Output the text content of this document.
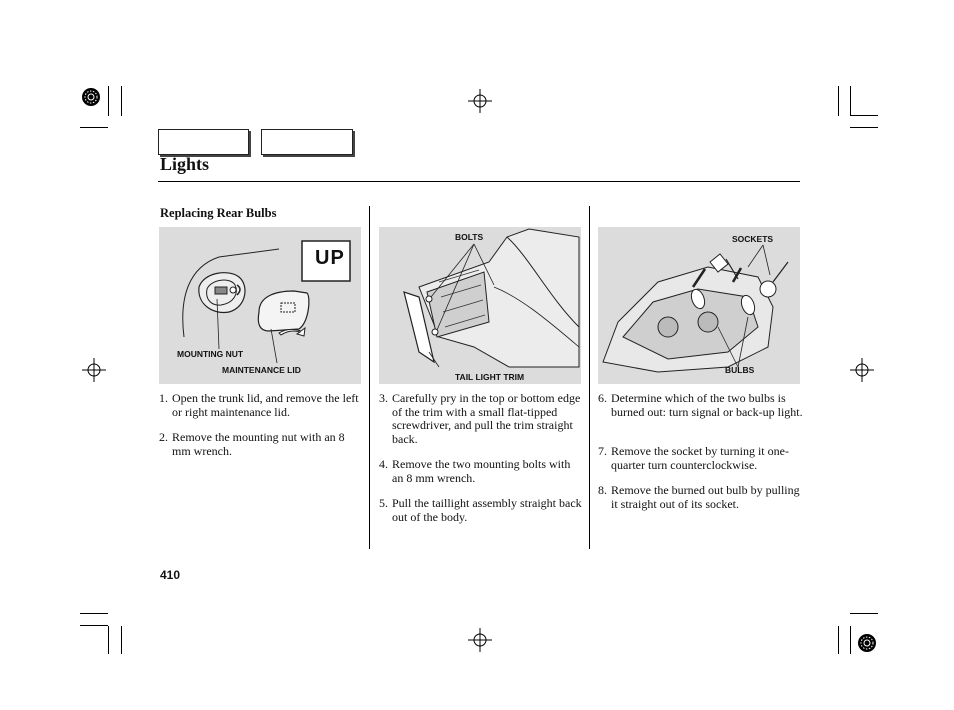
Lights
Replacing Rear Bulbs
UP
MOUNTING NUT
MAINTENANCE LID
BOLTS
TAIL LIGHT TRIM
SOCKETS
BULBS
1. Open the trunk lid, and remove the left or right maintenance lid.
2. Remove the mounting nut with an 8 mm wrench.
3. Carefully pry in the top or bottom edge of the trim with a small flat-tipped screwdriver, and pull the trim straight back.
4. Remove the two mounting bolts with an 8 mm wrench.
5. Pull the taillight assembly straight back out of the body.
6. Determine which of the two bulbs is burned out: turn signal or back-up light.
7. Remove the socket by turning it one-quarter turn counterclockwise.
8. Remove the burned out bulb by pulling it straight out of its socket.
410
